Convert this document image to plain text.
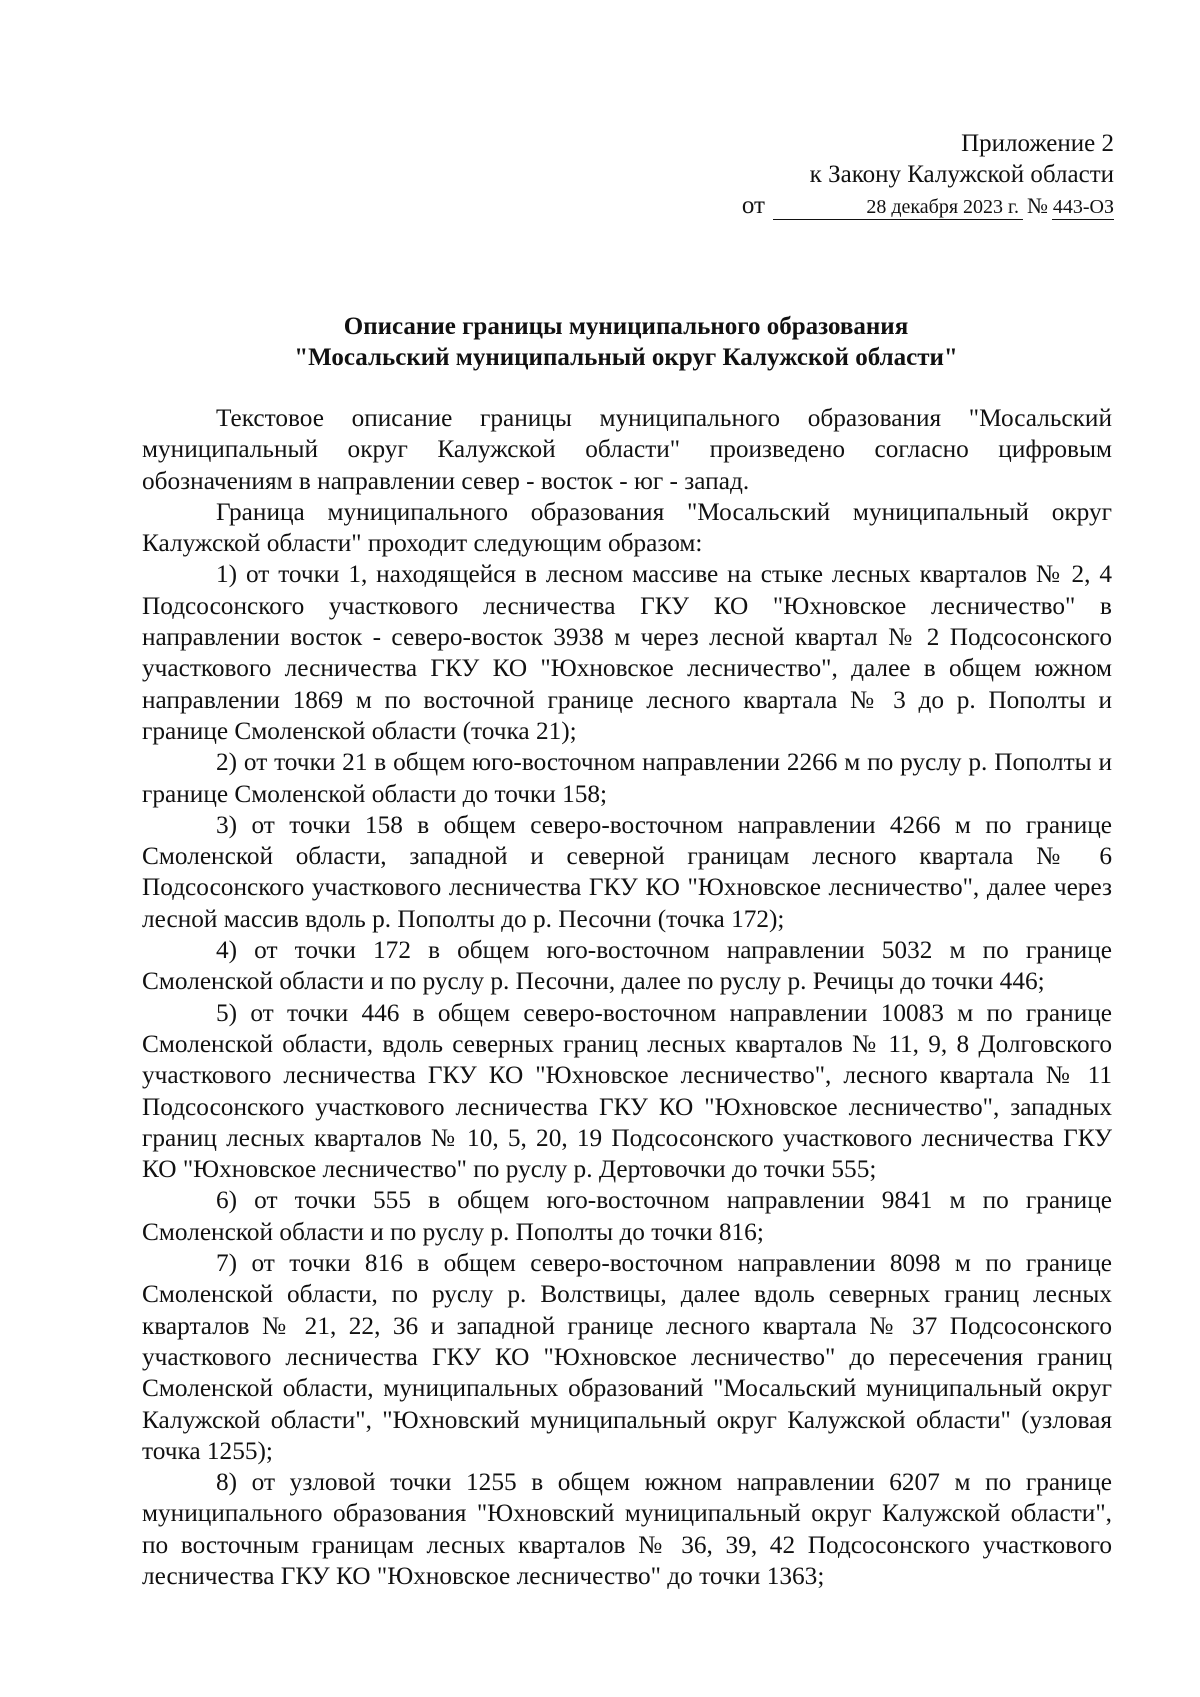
Приложение 2
к Закону Калужской области
от	28 декабря 2023 г. № 443-ОЗ
Описание границы муниципального образования
"Мосальский муниципальный округ Калужской области"

Текстовое описание границы муниципального образования "Мосальский муниципальный округ Калужской области" произведено согласно цифровым обозначениям в направлении север - восток - юг - запад.

Граница муниципального образования "Мосальский муниципальный округ Калужской области" проходит следующим образом:

1) от точки 1, находящейся в лесном массиве на стыке лесных кварталов № 2, 4 Подсосонского участкового лесничества ГКУ КО "Юхновское лесничество" в направлении восток - северо-восток 3938 м через лесной квартал № 2 Подсосонского участкового лесничества ГКУ КО "Юхновское лесничество", далее в общем южном направлении 1869 м по восточной границе лесного квартала № 3 до р. Пополты и границе Смоленской области (точка 21);

2) от точки 21 в общем юго-восточном направлении 2266 м по руслу р. Пополты и границе Смоленской области до точки 158;

3) от точки 158 в общем северо-восточном направлении 4266 м по границе Смоленской области, западной и северной границам лесного квартала № 6 Подсосонского участкового лесничества ГКУ КО "Юхновское лесничество", далее через лесной массив вдоль р. Пополты до р. Песочни (точка 172);

4) от точки 172 в общем юго-восточном направлении 5032 м по границе Смоленской области и по руслу р. Песочни, далее по руслу р. Речицы до точки 446;

5) от точки 446 в общем северо-восточном направлении 10083 м по границе Смоленской области, вдоль северных границ лесных кварталов № 11, 9, 8 Долговского участкового лесничества ГКУ КО "Юхновское лесничество", лесного квартала № 11 Подсосонского участкового лесничества ГКУ КО "Юхновское лесничество", западных границ лесных кварталов № 10, 5, 20, 19 Подсосонского участкового лесничества ГКУ КО "Юхновское лесничество" по руслу р. Дертовочки до точки 555;

6) от точки 555 в общем юго-восточном направлении 9841 м по границе Смоленской области и по руслу р. Пополты до точки 816;

7) от точки 816 в общем северо-восточном направлении 8098 м по границе Смоленской области, по руслу р. Волствицы, далее вдоль северных границ лесных кварталов № 21, 22, 36 и западной границе лесного квартала № 37 Подсосонского участкового лесничества ГКУ КО "Юхновское лесничество" до пересечения границ Смоленской области, муниципальных образований "Мосальский муниципальный округ Калужской области", "Юхновский муниципальный округ Калужской области" (узловая точка 1255);

8) от узловой точки 1255 в общем южном направлении 6207 м по границе муниципального образования "Юхновский муниципальный округ Калужской области", по восточным границам лесных кварталов № 36, 39, 42 Подсосонского участкового лесничества ГКУ КО "Юхновское лесничество" до точки 1363;
